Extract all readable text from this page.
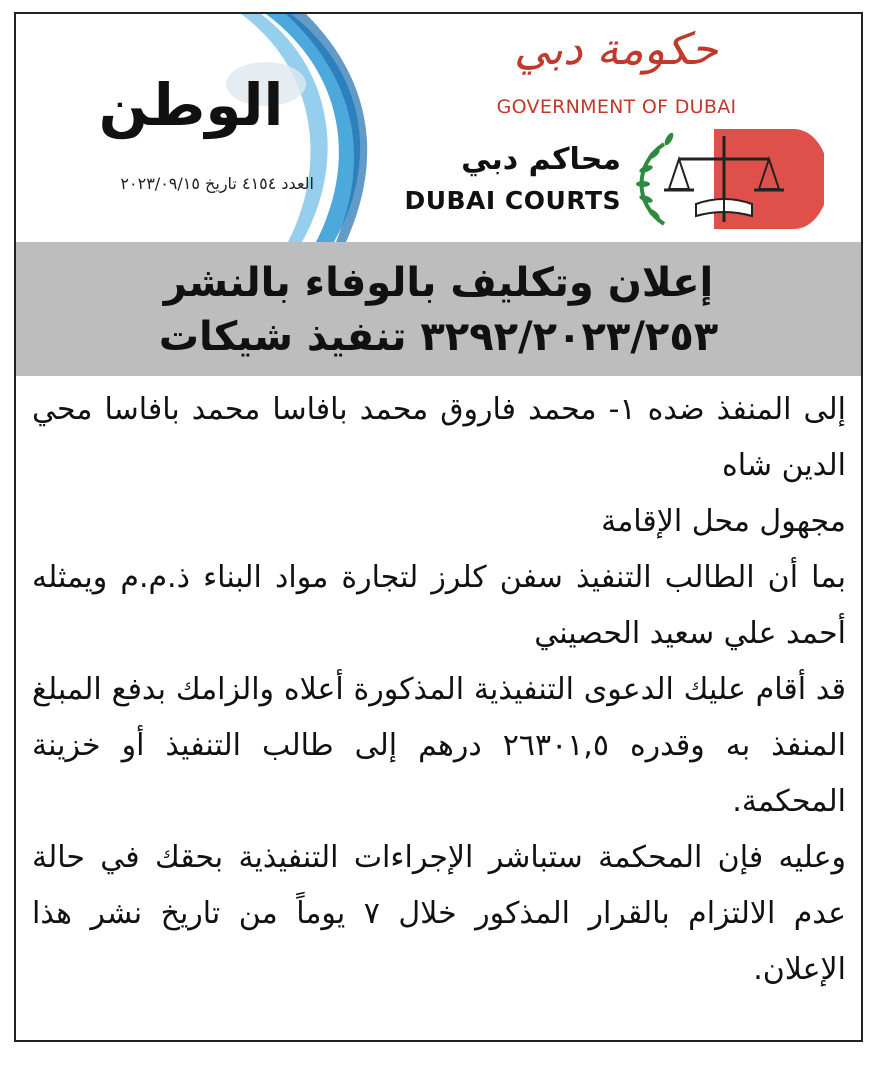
الوطن
العدد ٤١٥٤ تاريخ ٢٠٢٣/٠٩/١٥
حكومة دبي
GOVERNMENT OF DUBAI
محاكم دبي
DUBAI COURTS
إعلان وتكليف بالوفاء بالنشر
٣٢٩٢/٢٠٢٣/٢٥٣ تنفيذ شيكات

إلى المنفذ ضده ١- محمد فاروق محمد بافاسا محمد بافاسا محي الدين شاه

مجهول محل الإقامة

بما أن الطالب التنفيذ سفن كلرز لتجارة مواد البناء ذ.م.م ويمثله أحمد علي سعيد الحصيني

قد أقام عليك الدعوى التنفيذية المذكورة أعلاه والزامك بدفع المبلغ المنفذ به وقدره ٢٦٣٠١,٥ درهم إلى طالب التنفيذ أو خزينة المحكمة.

وعليه فإن المحكمة ستباشر الإجراءات التنفيذية بحقك في حالة عدم الالتزام بالقرار المذكور خلال ٧ يوماً من تاريخ نشر هذا الإعلان.
